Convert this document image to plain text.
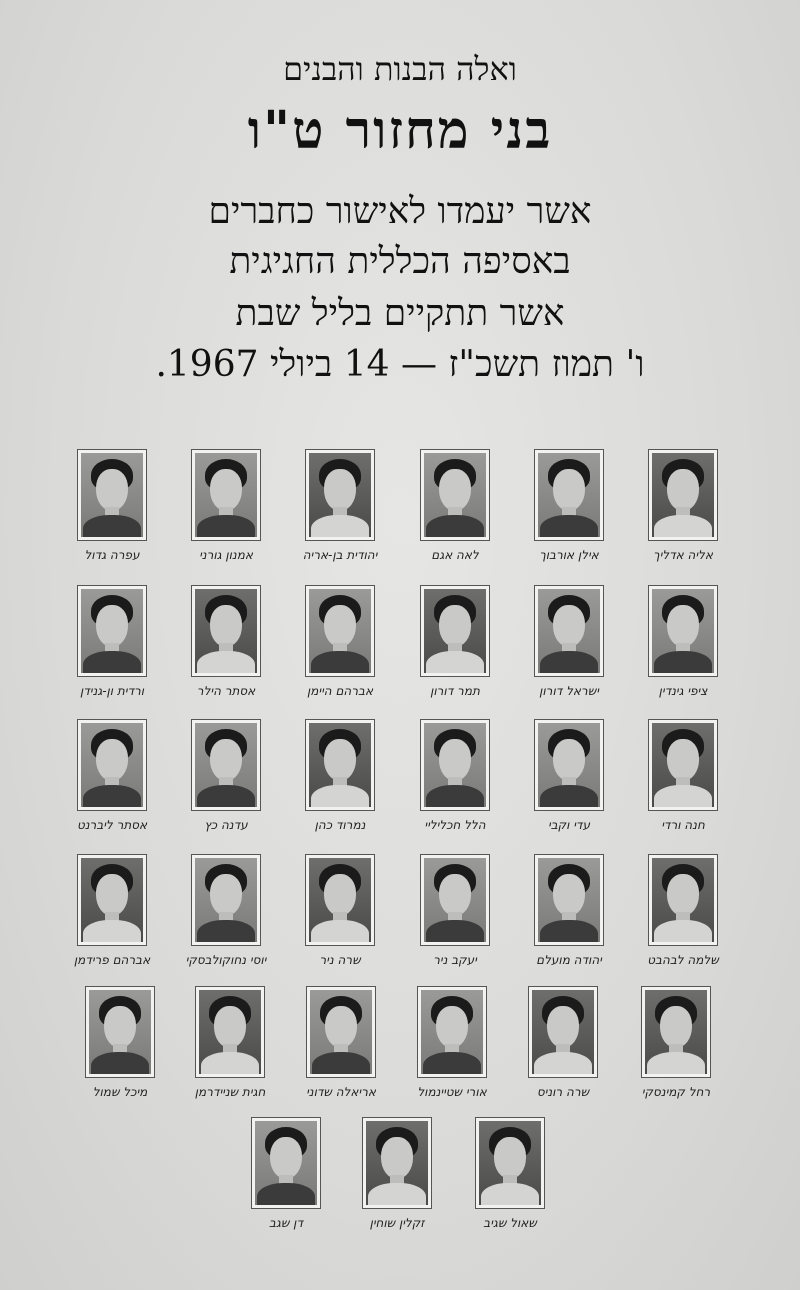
ואלה הבנות והבנים
בני מחזור ט"ו
אשר יעמדו לאישור כחברים
באסיפה הכללית החגיגית
אשר תתקיים בליל שבת
ו' תמוז תשכ"ז — 14 ביולי 1967.
אליה אדליך
אילן אורבוך
לאה אגם
יהודית בן-אריה
אמנון גורני
עפרה גדול
ציפי גינדין
ישראל דורון
תמר דורון
אברהם היימן
אסתר הילר
ורדית ון-גנידן
חנה ורדי
עדי וקבי
הלל חכליליי
נמרוד כהן
עדנה כץ
אסתר ליברנט
שלמה לבהבט
יהודה מועלם
יעקב ניר
שרה ניר
יוסי נחוקולבסקי
אברהם פרידמן
רחל קמינסקי
שרה רוניס
אורי שטיינמול
אריאלה שדוני
חגית שניידרמן
מיכל שמול
שאול שגיב
זקלין שוחין
דן שגב
